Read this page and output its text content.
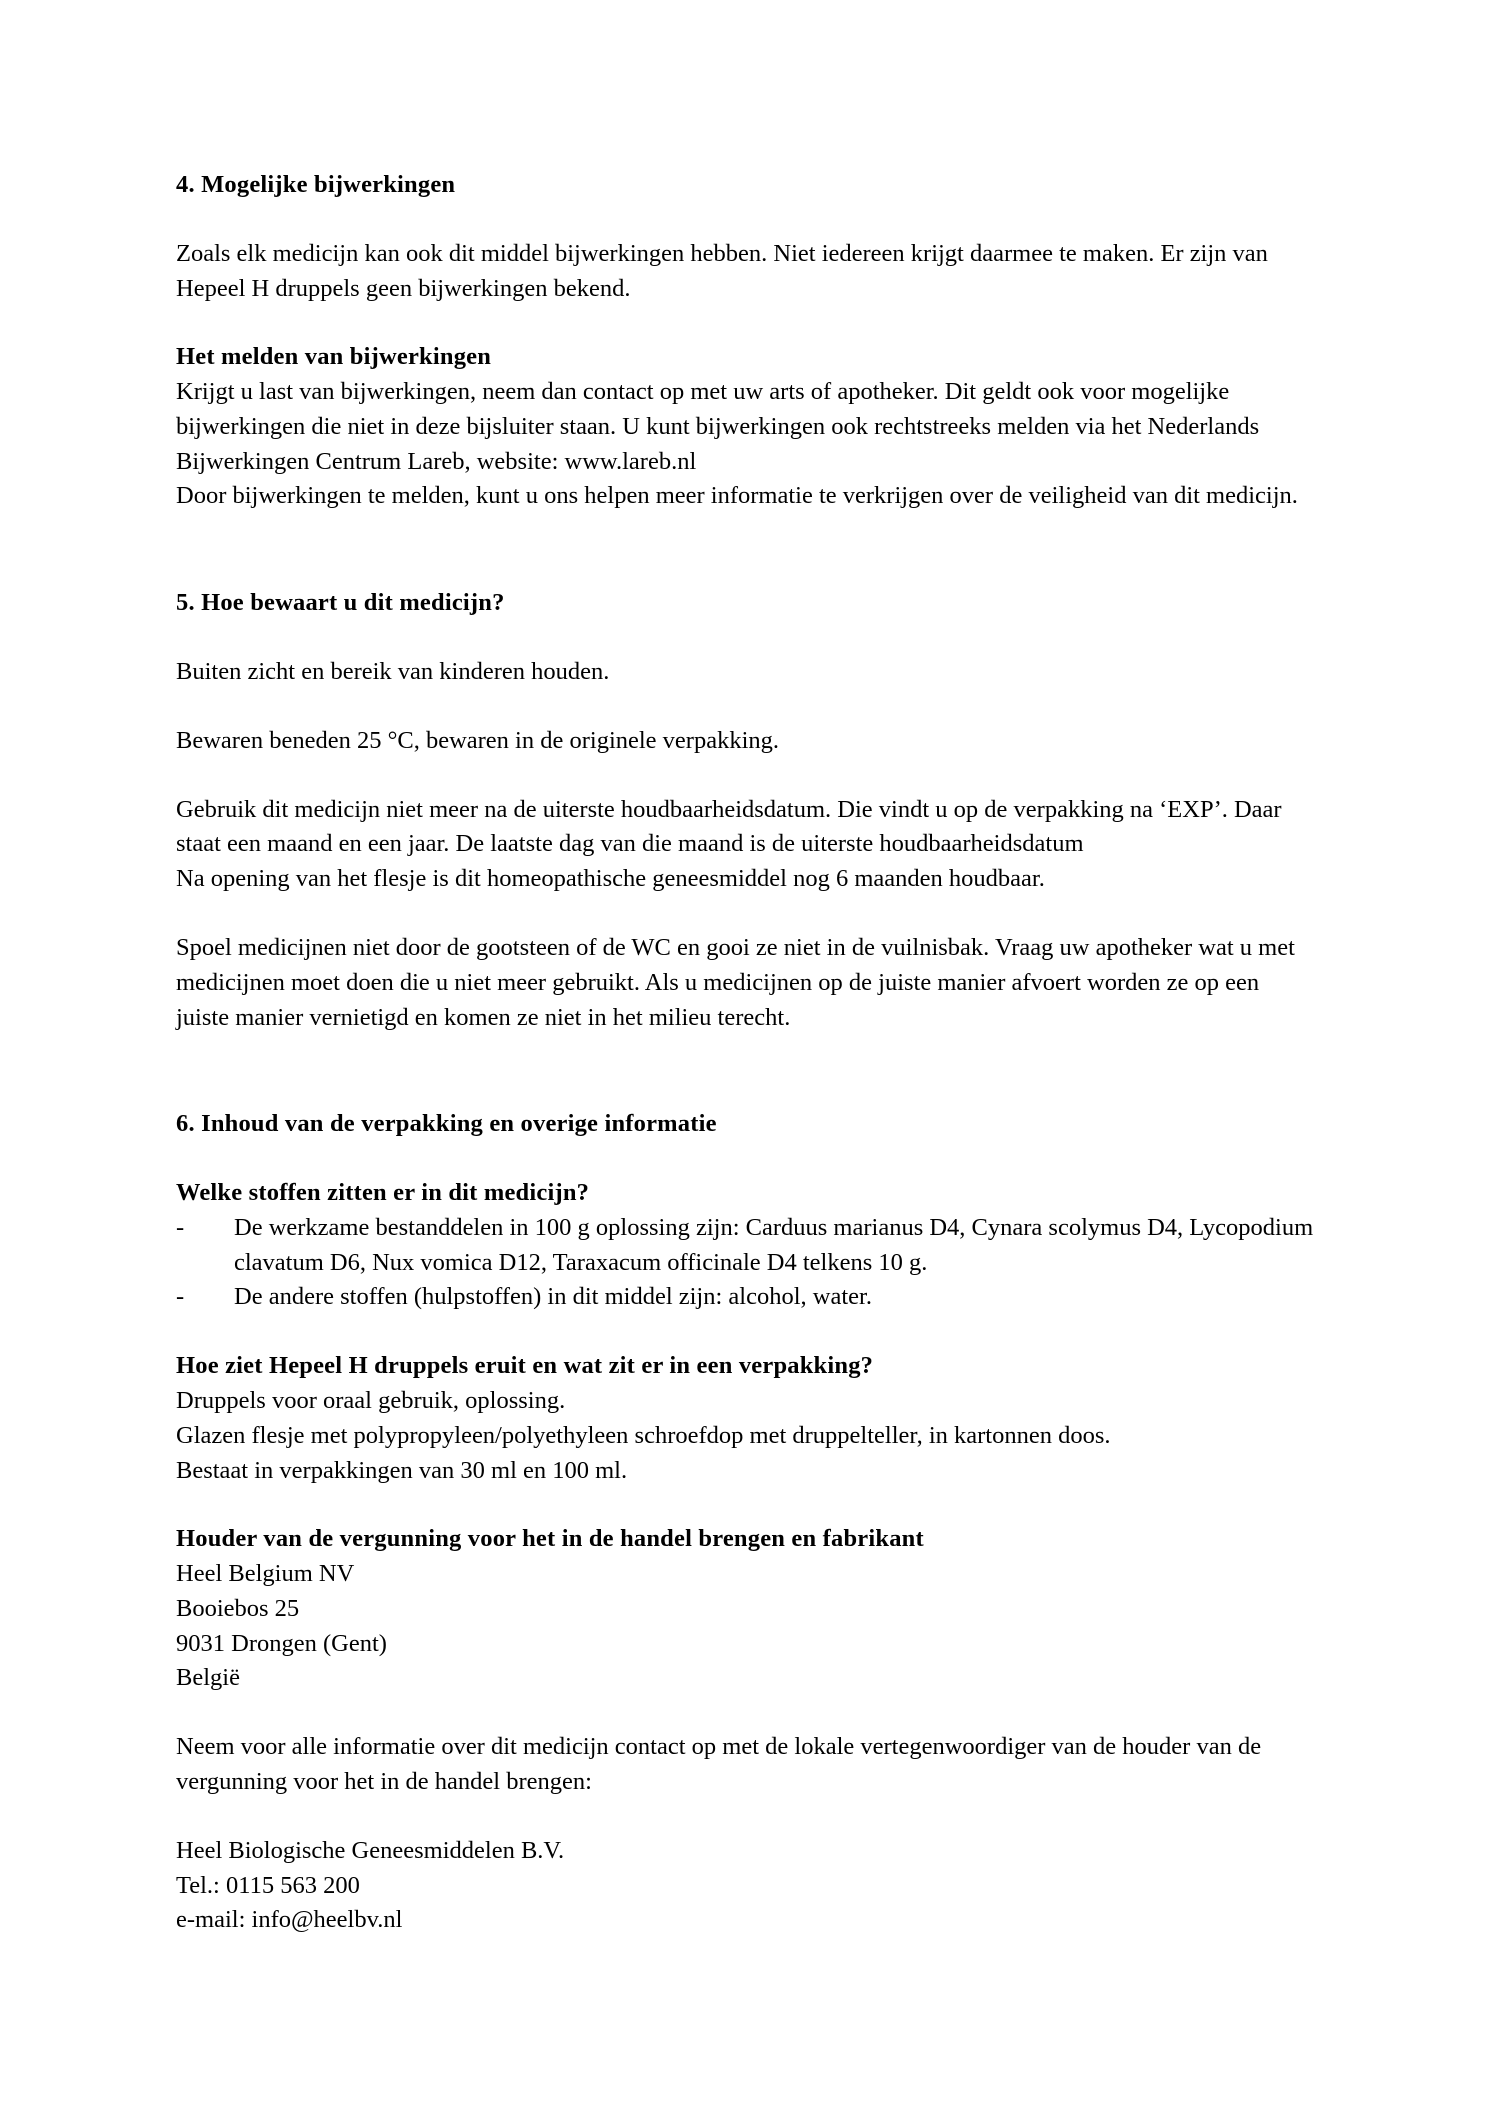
4. Mogelijke bijwerkingen

Zoals elk medicijn kan ook dit middel bijwerkingen hebben. Niet iedereen krijgt daarmee te maken. Er zijn van Hepeel H druppels geen bijwerkingen bekend.

Het melden van bijwerkingen

Krijgt u last van bijwerkingen, neem dan contact op met uw arts of apotheker. Dit geldt ook voor mogelijke bijwerkingen die niet in deze bijsluiter staan. U kunt bijwerkingen ook rechtstreeks melden via het Nederlands Bijwerkingen Centrum Lareb, website: www.lareb.nl

Door bijwerkingen te melden, kunt u ons helpen meer informatie te verkrijgen over de veiligheid van dit medicijn.

5. Hoe bewaart u dit medicijn?

Buiten zicht en bereik van kinderen houden.

Bewaren beneden 25 °C, bewaren in de originele verpakking.

Gebruik dit medicijn niet meer na de uiterste houdbaarheidsdatum. Die vindt u op de verpakking na ‘EXP’. Daar staat een maand en een jaar. De laatste dag van die maand is de uiterste houdbaarheidsdatum

Na opening van het flesje is dit homeopathische geneesmiddel nog 6 maanden houdbaar.

Spoel medicijnen niet door de gootsteen of de WC en gooi ze niet in de vuilnisbak. Vraag uw apotheker wat u met medicijnen moet doen die u niet meer gebruikt. Als u medicijnen op de juiste manier afvoert worden ze op een juiste manier vernietigd en komen ze niet in het milieu terecht.

6. Inhoud van de verpakking en overige informatie
Welke stoffen zitten er in dit medicijn?
-	De werkzame bestanddelen in 100 g oplossing zijn: Carduus marianus D4, Cynara scolymus D4, Lycopodium clavatum D6, Nux vomica D12, Taraxacum officinale D4 telkens 10 g.
-	De andere stoffen (hulpstoffen) in dit middel zijn: alcohol, water.
Hoe ziet Hepeel H druppels eruit en wat zit er in een verpakking?

Druppels voor oraal gebruik, oplossing.

Glazen flesje met polypropyleen/polyethyleen schroefdop met druppelteller, in kartonnen doos.

Bestaat in verpakkingen van 30 ml en 100 ml.

Houder van de vergunning voor het in de handel brengen en fabrikant
Heel Belgium NV
Booiebos 25
9031 Drongen (Gent)
België

Neem voor alle informatie over dit medicijn contact op met de lokale vertegenwoordiger van de houder van de vergunning voor het in de handel brengen:

Heel Biologische Geneesmiddelen B.V.
Tel.: 0115 563 200
e-mail: info@heelbv.nl
